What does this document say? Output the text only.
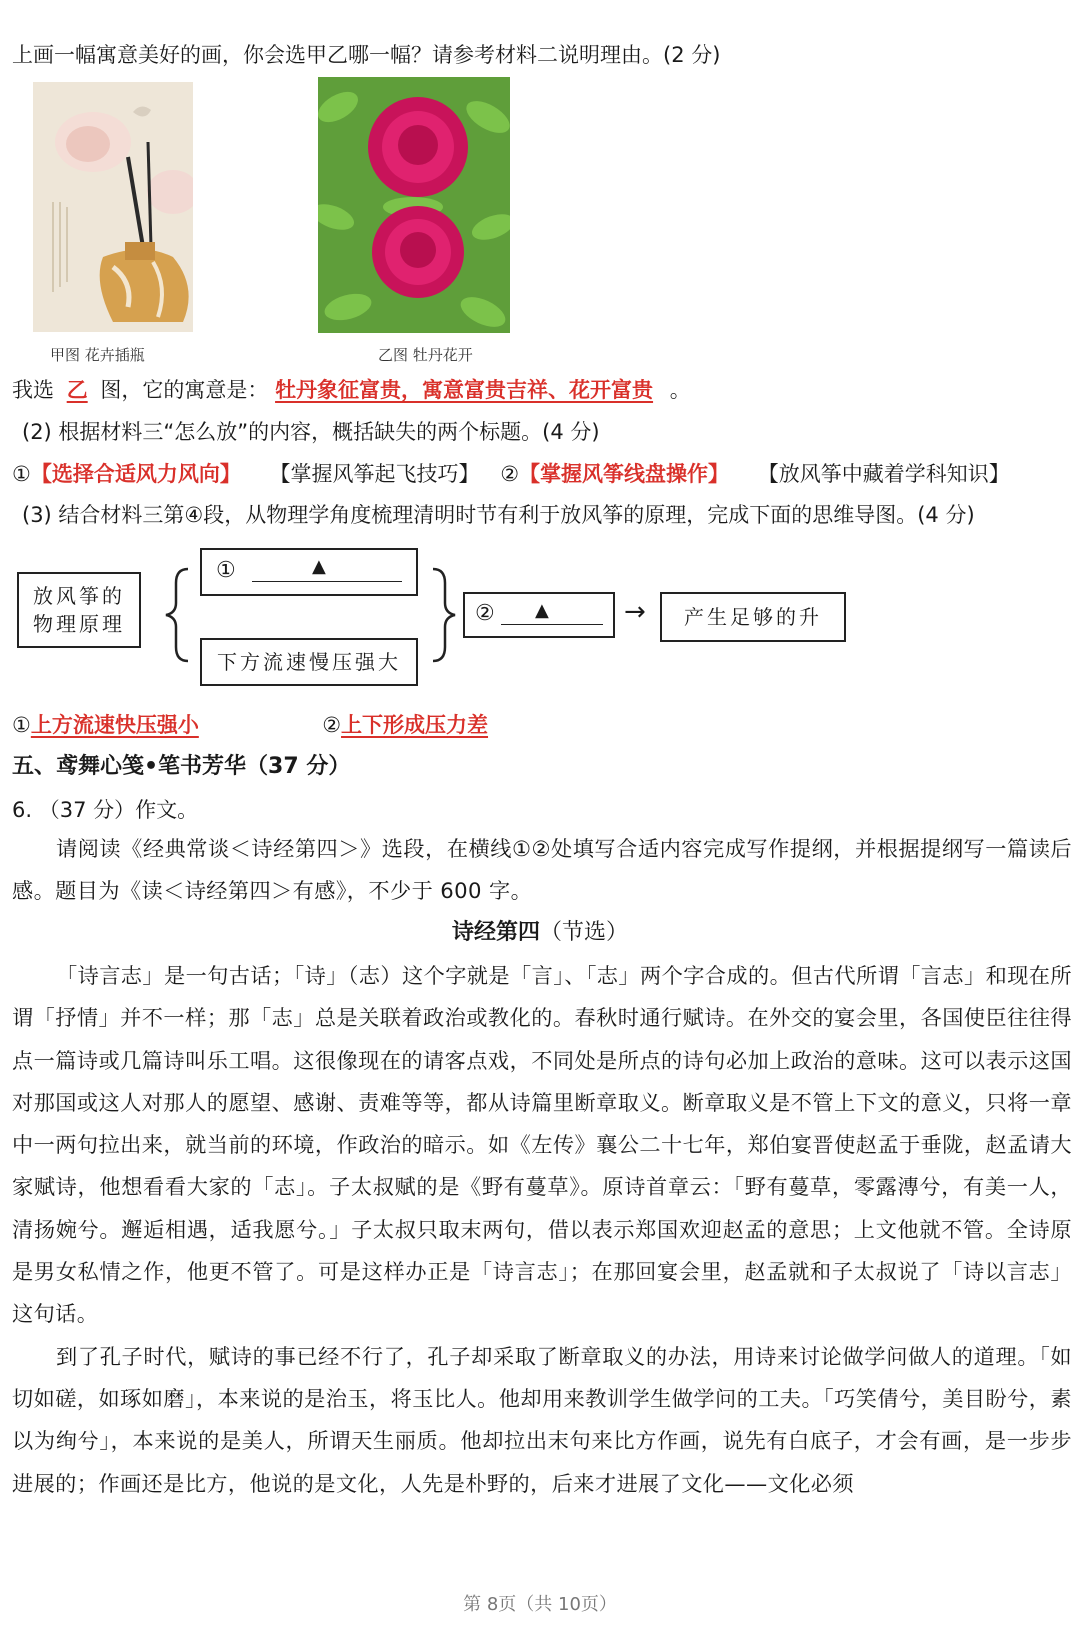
上画一幅寓意美好的画，你会选甲乙哪一幅？请参考材料二说明理由。(2 分)
甲图 花卉插瓶	乙图 牡丹花开
我选 乙 图，它的寓意是： 牡丹象征富贵，寓意富贵吉祥、花开富贵 。
(2) 根据材料三“怎么放”的内容，概括缺失的两个标题。(4 分)
①【选择合适风力风向】 【掌握风筝起飞技巧】 ②【掌握风筝线盘操作】 【放风筝中藏着学科知识】
(3) 结合材料三第④段，从物理学角度梳理清明时节有利于放风筝的原理，完成下面的思维导图。(4 分)
放风筝的
物理原理
①	▲
下方流速慢压强大
② ▲	→	产生足够的升
①上方流速快压强小	②上下形成压力差
五、鸢舞心笺•笔书芳华（37 分）
6. （37 分）作文。

请阅读《经典常谈＜诗经第四＞》选段，在横线①②处填写合适内容完成写作提纲，并根据提纲写一篇读后感。题目为《读＜诗经第四＞有感》，不少于 600 字。

诗经第四（节选）

「诗言志」是一句古话；「诗」（志）这个字就是「言」、「志」两个字合成的。但古代所谓「言志」和现在所谓「抒情」并不一样；那「志」总是关联着政治或教化的。春秋时通行赋诗。在外交的宴会里，各国使臣往往得点一篇诗或几篇诗叫乐工唱。这很像现在的请客点戏，不同处是所点的诗句必加上政治的意味。这可以表示这国对那国或这人对那人的愿望、感谢、责难等等，都从诗篇里断章取义。断章取义是不管上下文的意义，只将一章中一两句拉出来，就当前的环境，作政治的暗示。如《左传》襄公二十七年，郑伯宴晋使赵孟于垂陇，赵孟请大家赋诗，他想看看大家的「志」。子太叔赋的是《野有蔓草》。原诗首章云：「野有蔓草，零露漙兮，有美一人，清扬婉兮。邂逅相遇，适我愿兮。」子太叔只取末两句，借以表示郑国欢迎赵孟的意思；上文他就不管。全诗原是男女私情之作，他更不管了。可是这样办正是「诗言志」；在那回宴会里，赵孟就和子太叔说了「诗以言志」这句话。

到了孔子时代，赋诗的事已经不行了，孔子却采取了断章取义的办法，用诗来讨论做学问做人的道理。「如切如磋，如琢如磨」，本来说的是治玉，将玉比人。他却用来教训学生做学问的工夫。「巧笑倩兮，美目盼兮，素以为绚兮」，本来说的是美人，所谓天生丽质。他却拉出末句来比方作画，说先有白底子，才会有画，是一步步进展的；作画还是比方，他说的是文化，人先是朴野的，后来才进展了文化——文化必须

第 8页（共 10页）
